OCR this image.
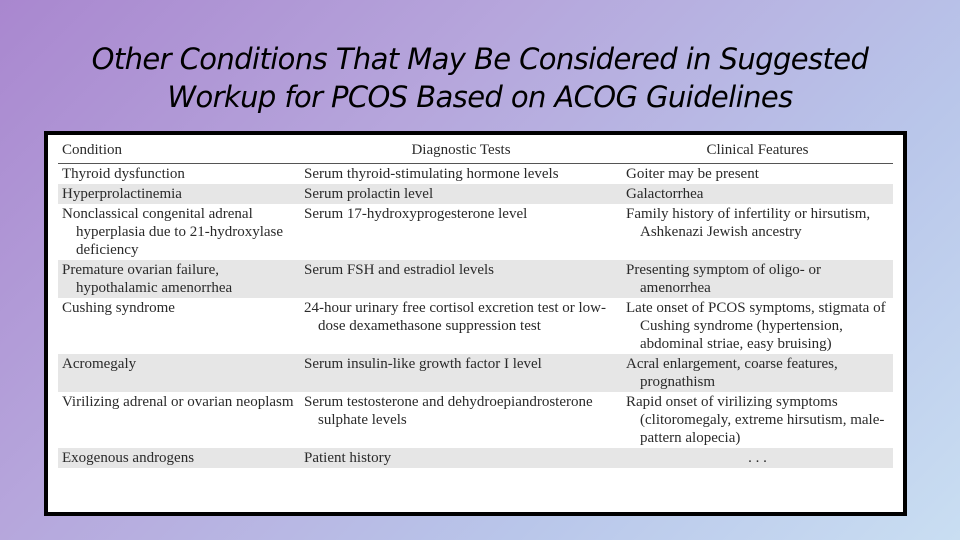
Other Conditions That May Be Considered in Suggested
Workup for PCOS Based on ACOG Guidelines
Condition	Diagnostic Tests	Clinical Features

Thyroid dysfunction	Serum thyroid-stimulating hormone levels	Goiter may be present

Hyperprolactinemia	Serum prolactin level	Galactorrhea

Nonclassical congenital adrenal hyperplasia due to 21-hydroxylase deficiency	Serum 17-hydroxyprogesterone level	Family history of infertility or hirsutism, Ashkenazi Jewish ancestry

Premature ovarian failure, hypothalamic amenorrhea	Serum FSH and estradiol levels	Presenting symptom of oligo- or amenorrhea

Cushing syndrome	24-hour urinary free cortisol excretion test or low-dose dexamethasone suppression test	Late onset of PCOS symptoms, stigmata of Cushing syndrome (hypertension, abdominal striae, easy bruising)

Acromegaly	Serum insulin-like growth factor I level	Acral enlargement, coarse features, prognathism

Virilizing adrenal or ovarian neoplasm	Serum testosterone and dehydroepiandrosterone sulphate levels	Rapid onset of virilizing symptoms (clitoromegaly, extreme hirsutism, male-pattern alopecia)

Exogenous androgens	Patient history	. . .
